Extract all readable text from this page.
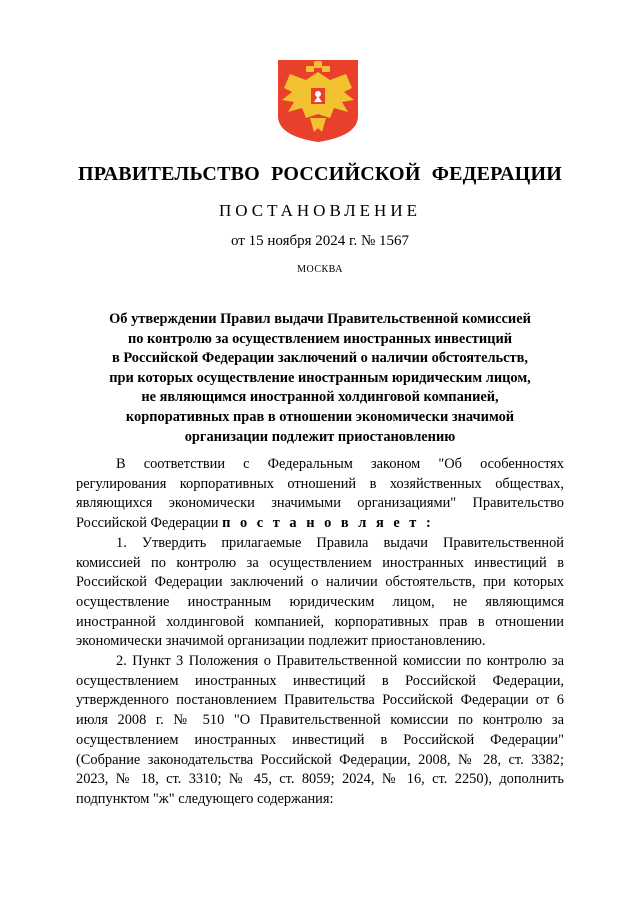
ПРАВИТЕЛЬСТВО РОССИЙСКОЙ ФЕДЕРАЦИИ
ПОСТАНОВЛЕНИЕ
от 15 ноября 2024 г. № 1567
МОСКВА
Об утверждении Правил выдачи Правительственной комиссией
по контролю за осуществлением иностранных инвестиций
в Российской Федерации заключений о наличии обстоятельств,
при которых осуществление иностранным юридическим лицом,
не являющимся иностранной холдинговой компанией,
корпоративных прав в отношении экономически значимой
организации подлежит приостановлению

В соответствии с Федеральным законом "Об особенностях регулирования корпоративных отношений в хозяйственных обществах, являющихся экономически значимыми организациями" Правительство Российской Федерации п о с т а н о в л я е т :

1. Утвердить прилагаемые Правила выдачи Правительственной комиссией по контролю за осуществлением иностранных инвестиций в Российской Федерации заключений о наличии обстоятельств, при которых осуществление иностранным юридическим лицом, не являющимся иностранной холдинговой компанией, корпоративных прав в отношении экономически значимой организации подлежит приостановлению.

2. Пункт 3 Положения о Правительственной комиссии по контролю за осуществлением иностранных инвестиций в Российской Федерации, утвержденного постановлением Правительства Российской Федерации от 6 июля 2008 г. № 510 "О Правительственной комиссии по контролю за осуществлением иностранных инвестиций в Российской Федерации" (Собрание законодательства Российской Федерации, 2008, № 28, ст. 3382; 2023, № 18, ст. 3310; № 45, ст. 8059; 2024, № 16, ст. 2250), дополнить подпунктом "ж" следующего содержания:
